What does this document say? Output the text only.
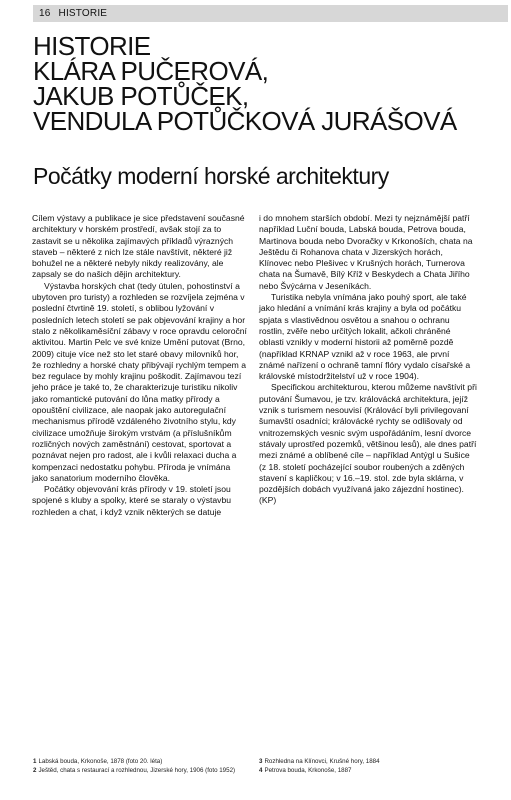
16 HISTORIE
HISTORIE
KLÁRA PUČEROVÁ,
JAKUB POTŮČEK,
VENDULA POTŮČKOVÁ JURÁŠOVÁ
Počátky moderní horské architektury

Cílem výstavy a publikace je sice představení současné architektury v horském prostředí, avšak stojí za to zastavit se u několika zajímavých příkladů výrazných staveb – některé z nich lze stále navštívit, některé již bohužel ne a některé nebyly nikdy realizovány, ale zapsaly se do našich dějin architektury.

Výstavba horských chat (tedy útulen, pohostinství a ubytoven pro turisty) a rozhleden se rozvíjela zejména v poslední čtvrtině 19. století, s oblibou lyžování v posledních letech století se pak objevování krajiny a hor stalo z několikaměsíční zábavy v roce opravdu celoroční aktivitou. Martin Pelc ve své knize Umění putovat (Brno, 2009) cituje více než sto let staré obavy milovníků hor, že rozhledny a horské chaty přibývají rychlým tempem a bez regulace by mohly krajinu poškodit. Zajímavou tezí jeho práce je také to, že charakterizuje turistiku nikoliv jako romantické putování do lůna matky přírody a opouštění civilizace, ale naopak jako autoregulační mechanismus přírodě vzdáleného životního stylu, kdy civilizace umožňuje širokým vrstvám (a příslušníkům rozličných nových zaměstnání) cestovat, sportovat a poznávat nejen pro radost, ale i kvůli relaxaci ducha a kompenzaci nedostatku pohybu. Příroda je vnímána jako sanatorium moderního člověka.

Počátky objevování krás přírody v 19. století jsou spojené s kluby a spolky, které se staraly o výstavbu rozhleden a chat, i když vznik některých se datuje

i do mnohem starších období. Mezi ty nejznámější patří například Luční bouda, Labská bouda, Petrova bouda, Martinova bouda nebo Dvoračky v Krkonoších, chata na Ještědu či Rohanova chata v Jizerských horách, Klínovec nebo Plešivec v Krušných horách, Turnerova chata na Šumavě, Bílý Kříž v Beskydech a Chata Jiřího nebo Švýcárna v Jeseníkách.

Turistika nebyla vnímána jako pouhý sport, ale také jako hledání a vnímání krás krajiny a byla od počátku spjata s vlastivědnou osvětou a snahou o ochranu rostlin, zvěře nebo určitých lokalit, ačkoli chráněné oblasti vznikly v moderní historii až poměrně pozdě (například KRNAP vznikl až v roce 1963, ale první známé nařízení o ochraně tamní flóry vydalo císařské a královské místodržitelství už v roce 1904).

Specifickou architekturou, kterou můžeme navštívit při putování Šumavou, je tzv. královácká architektura, jejíž vznik s turismem nesouvisí (Královácí byli privilegovaní šumavští osadníci; královácké rychty se odlišovaly od vnitrozemských vesnic svým uspořádáním, lesní dvorce stávaly uprostřed pozemků, většinou lesů), ale dnes patří mezi známé a oblíbené cíle – například Antýgl u Sušice (z 18. století pocházející soubor roubených a zděných stavení s kapličkou; v 16.–19. stol. zde byla sklárna, v pozdějších dobách využívaná jako zájezdní hostinec). (KP)

1 Labská bouda, Krkonoše, 1878 (foto 20. léta)
2 Ještěd, chata s restaurací a rozhlednou, Jizerské hory, 1906 (foto 1952)
3 Rozhledna na Klínovci, Krušné hory, 1884
4 Petrova bouda, Krkonoše, 1887
